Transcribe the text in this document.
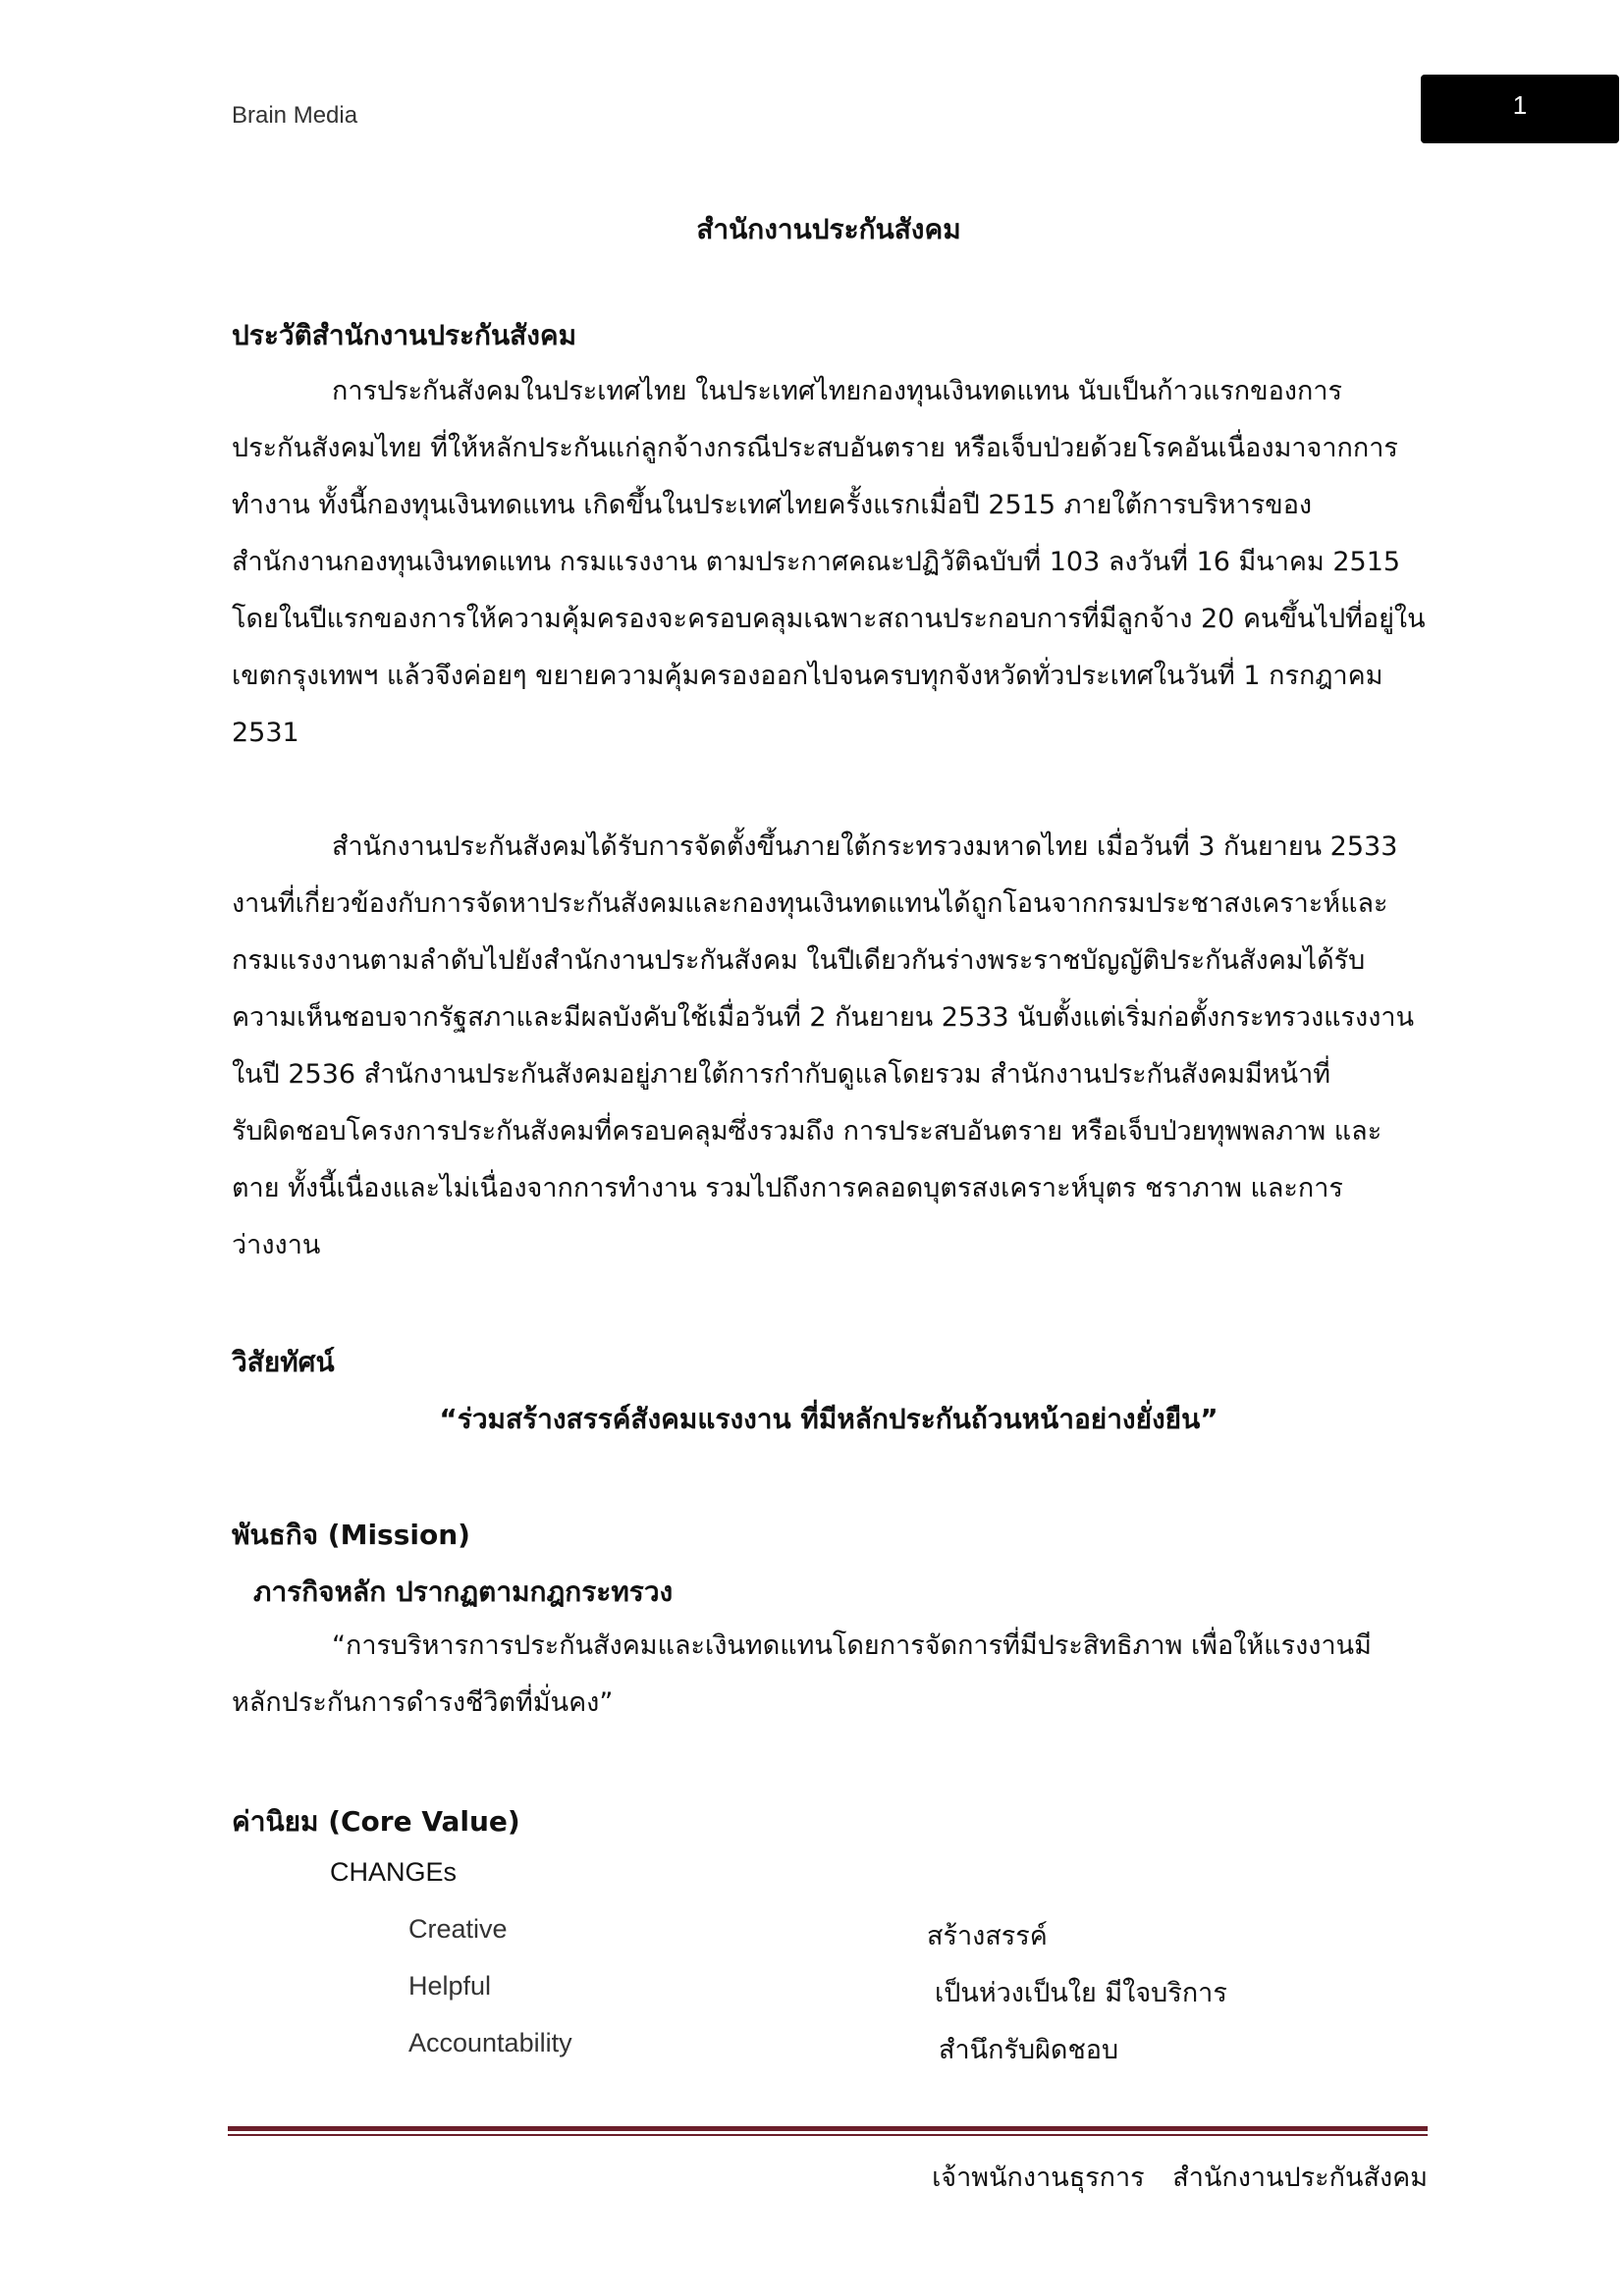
Brain Media	1
สำนักงานประกันสังคม
ประวัติสำนักงานประกันสังคม
การประกันสังคมในประเทศไทย ในประเทศไทยกองทุนเงินทดแทน นับเป็นก้าวแรกของการ
ประกันสังคมไทย ที่ให้หลักประกันแก่ลูกจ้างกรณีประสบอันตราย หรือเจ็บป่วยด้วยโรคอันเนื่องมาจากการ
ทำงาน ทั้งนี้กองทุนเงินทดแทน เกิดขึ้นในประเทศไทยครั้งแรกเมื่อปี 2515 ภายใต้การบริหารของ
สำนักงานกองทุนเงินทดแทน กรมแรงงาน ตามประกาศคณะปฏิวัติฉบับที่ 103 ลงวันที่ 16 มีนาคม 2515
โดยในปีแรกของการให้ความคุ้มครองจะครอบคลุมเฉพาะสถานประกอบการที่มีลูกจ้าง 20 คนขึ้นไปที่อยู่ใน
เขตกรุงเทพฯ แล้วจึงค่อยๆ ขยายความคุ้มครองออกไปจนครบทุกจังหวัดทั่วประเทศในวันที่ 1 กรกฎาคม
2531
สำนักงานประกันสังคมได้รับการจัดตั้งขึ้นภายใต้กระทรวงมหาดไทย เมื่อวันที่ 3 กันยายน 2533
งานที่เกี่ยวข้องกับการจัดหาประกันสังคมและกองทุนเงินทดแทนได้ถูกโอนจากกรมประชาสงเคราะห์และ
กรมแรงงานตามลำดับไปยังสำนักงานประกันสังคม ในปีเดียวกันร่างพระราชบัญญัติประกันสังคมได้รับ
ความเห็นชอบจากรัฐสภาและมีผลบังคับใช้เมื่อวันที่ 2 กันยายน 2533 นับตั้งแต่เริ่มก่อตั้งกระทรวงแรงงาน
ในปี 2536 สำนักงานประกันสังคมอยู่ภายใต้การกำกับดูแลโดยรวม สำนักงานประกันสังคมมีหน้าที่
รับผิดชอบโครงการประกันสังคมที่ครอบคลุมซึ่งรวมถึง การประสบอันตราย หรือเจ็บป่วยทุพพลภาพ และ
ตาย ทั้งนี้เนื่องและไม่เนื่องจากการทำงาน รวมไปถึงการคลอดบุตรสงเคราะห์บุตร ชราภาพ และการ
ว่างงาน
วิสัยทัศน์
“ร่วมสร้างสรรค์สังคมแรงงาน ที่มีหลักประกันถ้วนหน้าอย่างยั่งยืน”
พันธกิจ (Mission)
ภารกิจหลัก ปรากฏตามกฎกระทรวง
“การบริหารการประกันสังคมและเงินทดแทนโดยการจัดการที่มีประสิทธิภาพ เพื่อให้แรงงานมี
หลักประกันการดำรงชีวิตที่มั่นคง”
ค่านิยม (Core Value)
CHANGEs
Creative	สร้างสรรค์
Helpful	เป็นห่วงเป็นใย มีใจบริการ
Accountability	สำนึกรับผิดชอบ
เจ้าพนักงานธุรการ สำนักงานประกันสังคม
